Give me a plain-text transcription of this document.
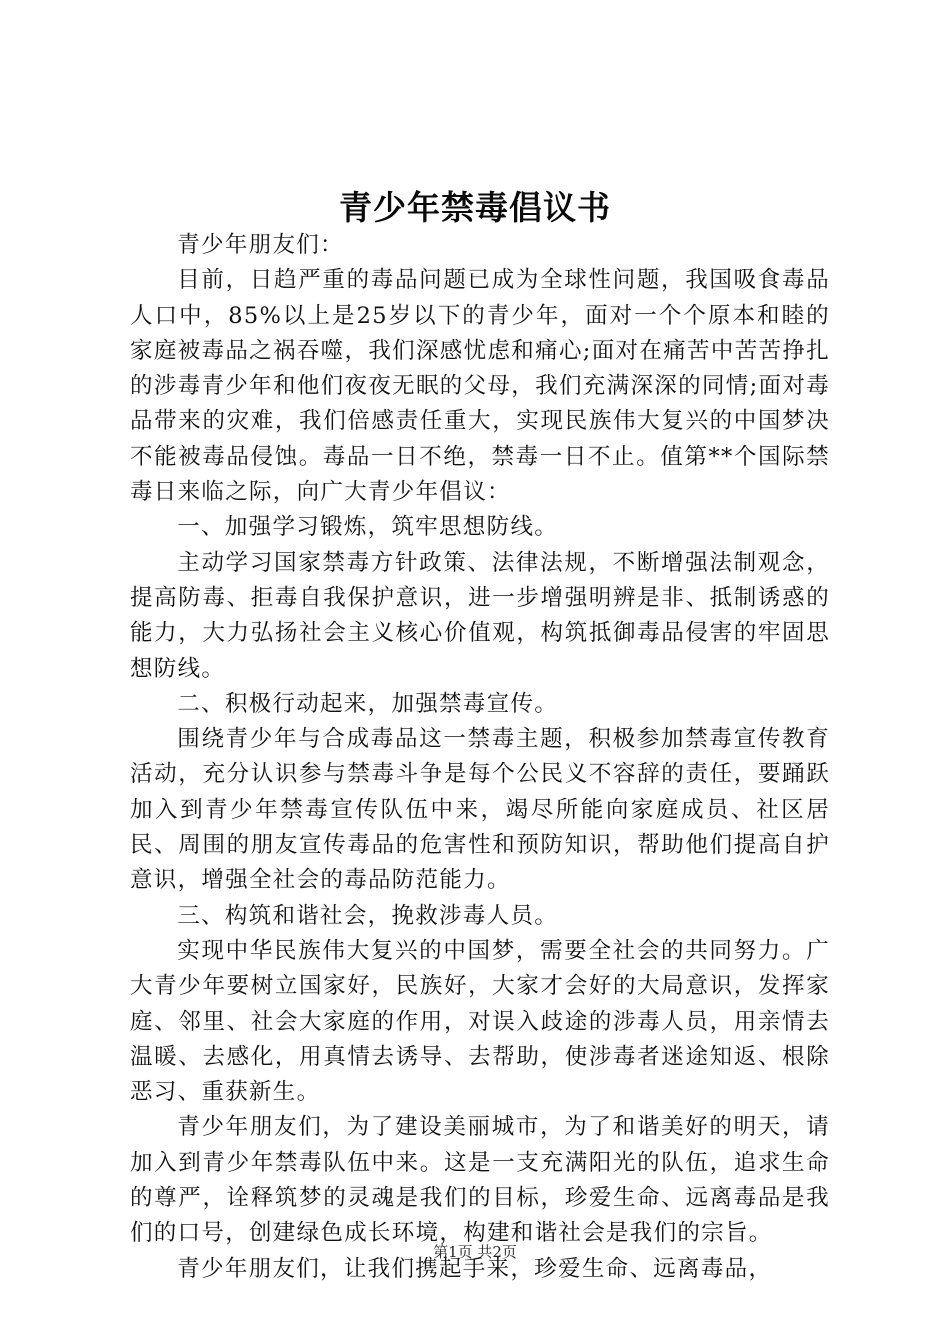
青少年禁毒倡议书

青少年朋友们：

目前，日趋严重的毒品问题已成为全球性问题，我国吸食毒品人口中，85%以上是25岁以下的青少年，面对一个个原本和睦的家庭被毒品之祸吞噬，我们深感忧虑和痛心;面对在痛苦中苦苦挣扎的涉毒青少年和他们夜夜无眠的父母，我们充满深深的同情;面对毒品带来的灾难，我们倍感责任重大，实现民族伟大复兴的中国梦决不能被毒品侵蚀。毒品一日不绝，禁毒一日不止。值第**个国际禁毒日来临之际，向广大青少年倡议：

一、加强学习锻炼，筑牢思想防线。

主动学习国家禁毒方针政策、法律法规，不断增强法制观念，提高防毒、拒毒自我保护意识，进一步增强明辨是非、抵制诱惑的能力，大力弘扬社会主义核心价值观，构筑抵御毒品侵害的牢固思想防线。

二、积极行动起来，加强禁毒宣传。

围绕青少年与合成毒品这一禁毒主题，积极参加禁毒宣传教育活动，充分认识参与禁毒斗争是每个公民义不容辞的责任，要踊跃加入到青少年禁毒宣传队伍中来，竭尽所能向家庭成员、社区居民、周围的朋友宣传毒品的危害性和预防知识，帮助他们提高自护意识，增强全社会的毒品防范能力。

三、构筑和谐社会，挽救涉毒人员。

实现中华民族伟大复兴的中国梦，需要全社会的共同努力。广大青少年要树立国家好，民族好，大家才会好的大局意识，发挥家庭、邻里、社会大家庭的作用，对误入歧途的涉毒人员，用亲情去温暖、去感化，用真情去诱导、去帮助，使涉毒者迷途知返、根除恶习、重获新生。

青少年朋友们，为了建设美丽城市，为了和谐美好的明天，请加入到青少年禁毒队伍中来。这是一支充满阳光的队伍，追求生命的尊严，诠释筑梦的灵魂是我们的目标，珍爱生命、远离毒品是我们的口号，创建绿色成长环境，构建和谐社会是我们的宗旨。

青少年朋友们，让我们携起手来，珍爱生命、远离毒品，

第1页 共2页
